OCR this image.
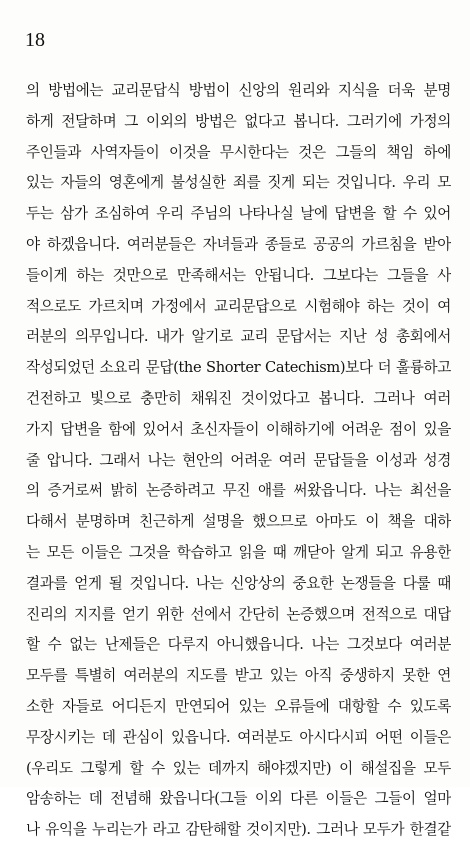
18
의 방법에는 교리문답식 방법이 신앙의 원리와 지식을 더욱 분명
하게 전달하며 그 이외의 방법은 없다고 봅니다. 그러기에 가정의
주인들과 사역자들이 이것을 무시한다는 것은 그들의 책임 하에
있는 자들의 영혼에게 불성실한 죄를 짓게 되는 것입니다. 우리 모
두는 삼가 조심하여 우리 주님의 나타나실 날에 답변을 할 수 있어
야 하겠읍니다. 여러분들은 자녀들과 종들로 공공의 가르침을 받아
들이게 하는 것만으로 만족해서는 안됩니다. 그보다는 그들을 사
적으로도 가르치며 가정에서 교리문답으로 시험해야 하는 것이 여
러분의 의무입니다. 내가 알기로 교리 문답서는 지난 성 총회에서
작성되었던 소요리 문답(the Shorter Catechism)보다 더 훌륭하고
건전하고 빛으로 충만히 채워진 것이었다고 봅니다. 그러나 여러
가지 답변을 함에 있어서 초신자들이 이해하기에 어려운 점이 있을
줄 압니다. 그래서 나는 현안의 어려운 여러 문답들을 이성과 성경
의 증거로써 밝히 논증하려고 무진 애를 써왔읍니다. 나는 최선을
다해서 분명하며 친근하게 설명을 했으므로 아마도 이 책을 대하
는 모든 이들은 그것을 학습하고 읽을 때 깨닫아 알게 되고 유용한
결과를 얻게 될 것입니다. 나는 신앙상의 중요한 논쟁들을 다룰 때
진리의 지지를 얻기 위한 선에서 간단히 논증했으며 전적으로 대답
할 수 없는 난제들은 다루지 아니했읍니다. 나는 그것보다 여러분
모두를 특별히 여러분의 지도를 받고 있는 아직 중생하지 못한 연
소한 자들로 어디든지 만연되어 있는 오류들에 대항할 수 있도록
무장시키는 데 관심이 있읍니다. 여러분도 아시다시피 어떤 이들은
(우리도 그렇게 할 수 있는 데까지 해야겠지만) 이 해설집을 모두
암송하는 데 전념해 왔읍니다(그들 이외 다른 이들은 그들이 얼마
나 유익을 누리는가 라고 감탄해할 것이지만). 그러나 모두가 한결같
